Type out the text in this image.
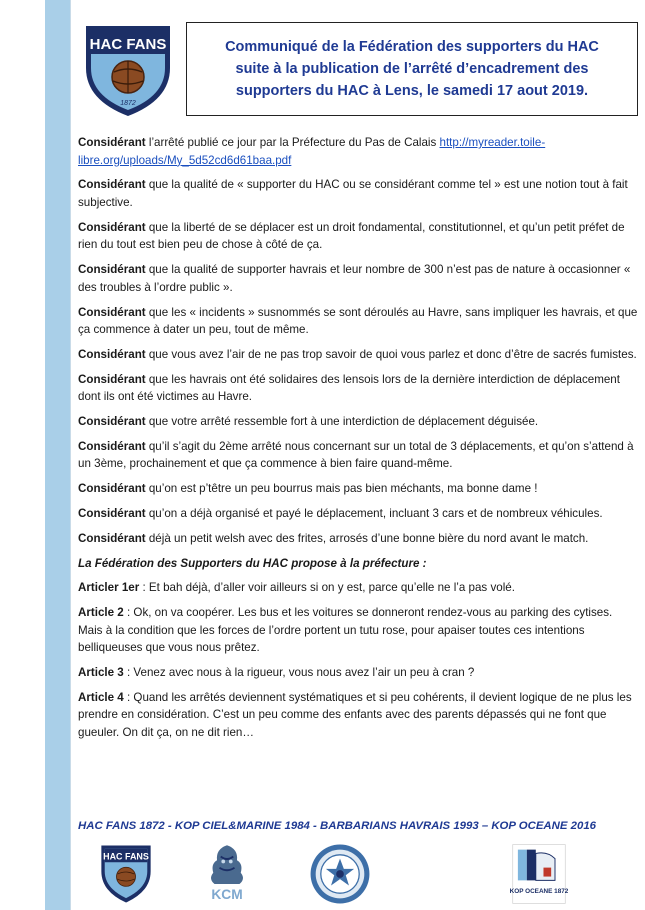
HAC FANS
1872
Communiqué de la Fédération des supporters du HAC
suite à la publication de l’arrêté d’encadrement des
supporters du HAC à Lens, le samedi 17 aout 2019.

Considérant l’arrêté publié ce jour par la Préfecture du Pas de Calais http://myreader.toile-libre.org/uploads/My_5d52cd6d61baa.pdf

Considérant que la qualité de « supporter du HAC ou se considérant comme tel » est une notion tout à fait subjective.

Considérant que la liberté de se déplacer est un droit fondamental, constitutionnel, et qu’un petit préfet de rien du tout est bien peu de chose à côté de ça.

Considérant que la qualité de supporter havrais et leur nombre de 300 n’est pas de nature à occasionner « des troubles à l’ordre public ».

Considérant que les « incidents » susnommés se sont déroulés au Havre, sans impliquer les havrais, et que ça commence à dater un peu, tout de même.

Considérant que vous avez l’air de ne pas trop savoir de quoi vous parlez et donc d’être de sacrés fumistes.

Considérant que les havrais ont été solidaires des lensois lors de la dernière interdiction de déplacement dont ils ont été victimes au Havre.

Considérant que votre arrêté ressemble fort à une interdiction de déplacement déguisée.

Considérant qu’il s’agit du 2ème arrêté nous concernant sur un total de 3 déplacements, et qu’on s’attend à un 3ème, prochainement et que ça commence à bien faire quand-même.

Considérant qu’on est p’têtre un peu bourrus mais pas bien méchants, ma bonne dame !

Considérant qu’on a déjà organisé et payé le déplacement, incluant 3 cars et de nombreux véhicules.

Considérant déjà un petit welsh avec des frites, arrosés d’une bonne bière du nord avant le match.

La Fédération des Supporters du HAC propose à la préfecture :

Articler 1er : Et bah déjà, d’aller voir ailleurs si on y est, parce qu’elle ne l’a pas volé.

Article 2 : Ok, on va coopérer. Les bus et les voitures se donneront rendez-vous au parking des cytises. Mais à la condition que les forces de l’ordre portent un tutu rose, pour apaiser toutes ces intentions belliqueuses que vous nous prêtez.

Article 3 : Venez avec nous à la rigueur, vous nous avez l’air un peu à cran ?

Article 4 : Quand les arrêtés deviennent systématiques et si peu cohérents, il devient logique de ne plus les prendre en considération. C’est un peu comme des enfants avec des parents dépassés qui ne font que gueuler. On dit ça, on ne dit rien…

HAC FANS 1872 - KOP CIEL&MARINE 1984 - BARBARIANS HAVRAIS 1993 – KOP OCEANE 2016
HAC FANS
KCM	KOP OCEANE 1872
